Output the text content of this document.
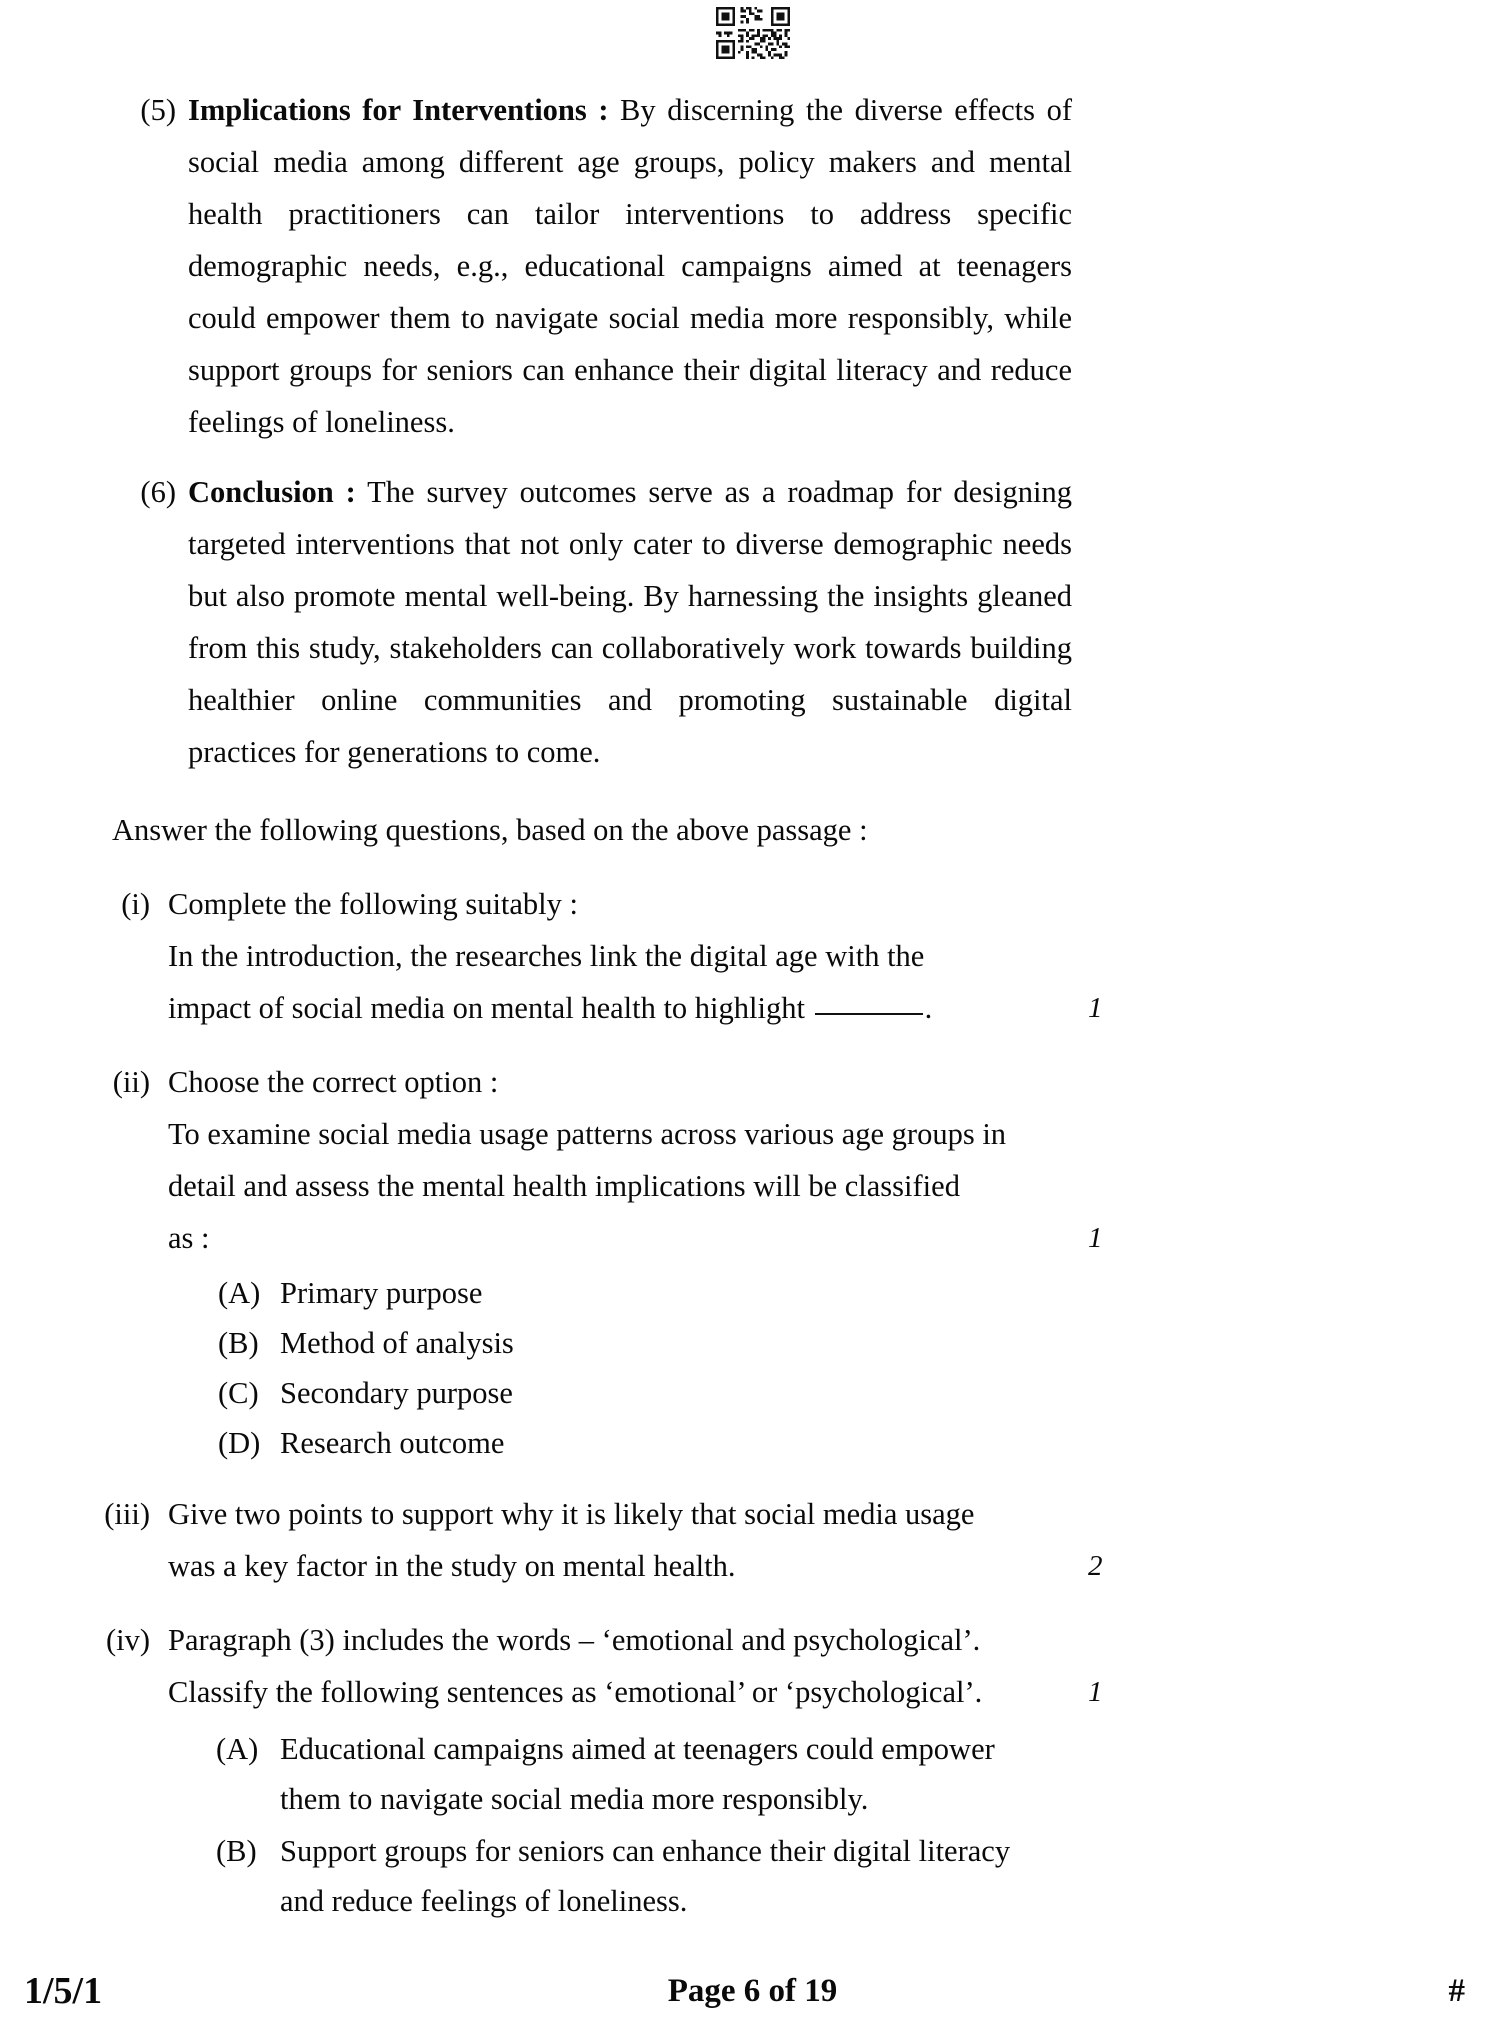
(5) Implications for Interventions : By discerning the diverse effects of social media among different age groups, policy makers and mental health practitioners can tailor interventions to address specific demographic needs, e.g., educational campaigns aimed at teenagers could empower them to navigate social media more responsibly, while support groups for seniors can enhance their digital literacy and reduce feelings of loneliness.
(6) Conclusion : The survey outcomes serve as a roadmap for designing targeted interventions that not only cater to diverse demographic needs but also promote mental well-being. By harnessing the insights gleaned from this study, stakeholders can collaboratively work towards building healthier online communities and promoting sustainable digital practices for generations to come.
Answer the following questions, based on the above passage :
(i) Complete the following suitably :
In the introduction, the researches link the digital age with the
impact of social media on mental health to highlight	.	1
(ii) Choose the correct option :
To examine social media usage patterns across various age groups in
detail and assess the mental health implications will be classified
as :
(A) Primary purpose
(B) Method of analysis
(C) Secondary purpose
(D) Research outcome
1
(iii) Give two points to support why it is likely that social media usage
was a key factor in the study on mental health.	2
(iv) Paragraph (3) includes the words – ‘emotional and psychological’.
Classify the following sentences as ‘emotional’ or ‘psychological’.
(A) Educational campaigns aimed at teenagers could empower
them to navigate social media more responsibly.
(B) Support groups for seniors can enhance their digital literacy
and reduce feelings of loneliness.
1
1/5/1	Page 6 of 19	#
